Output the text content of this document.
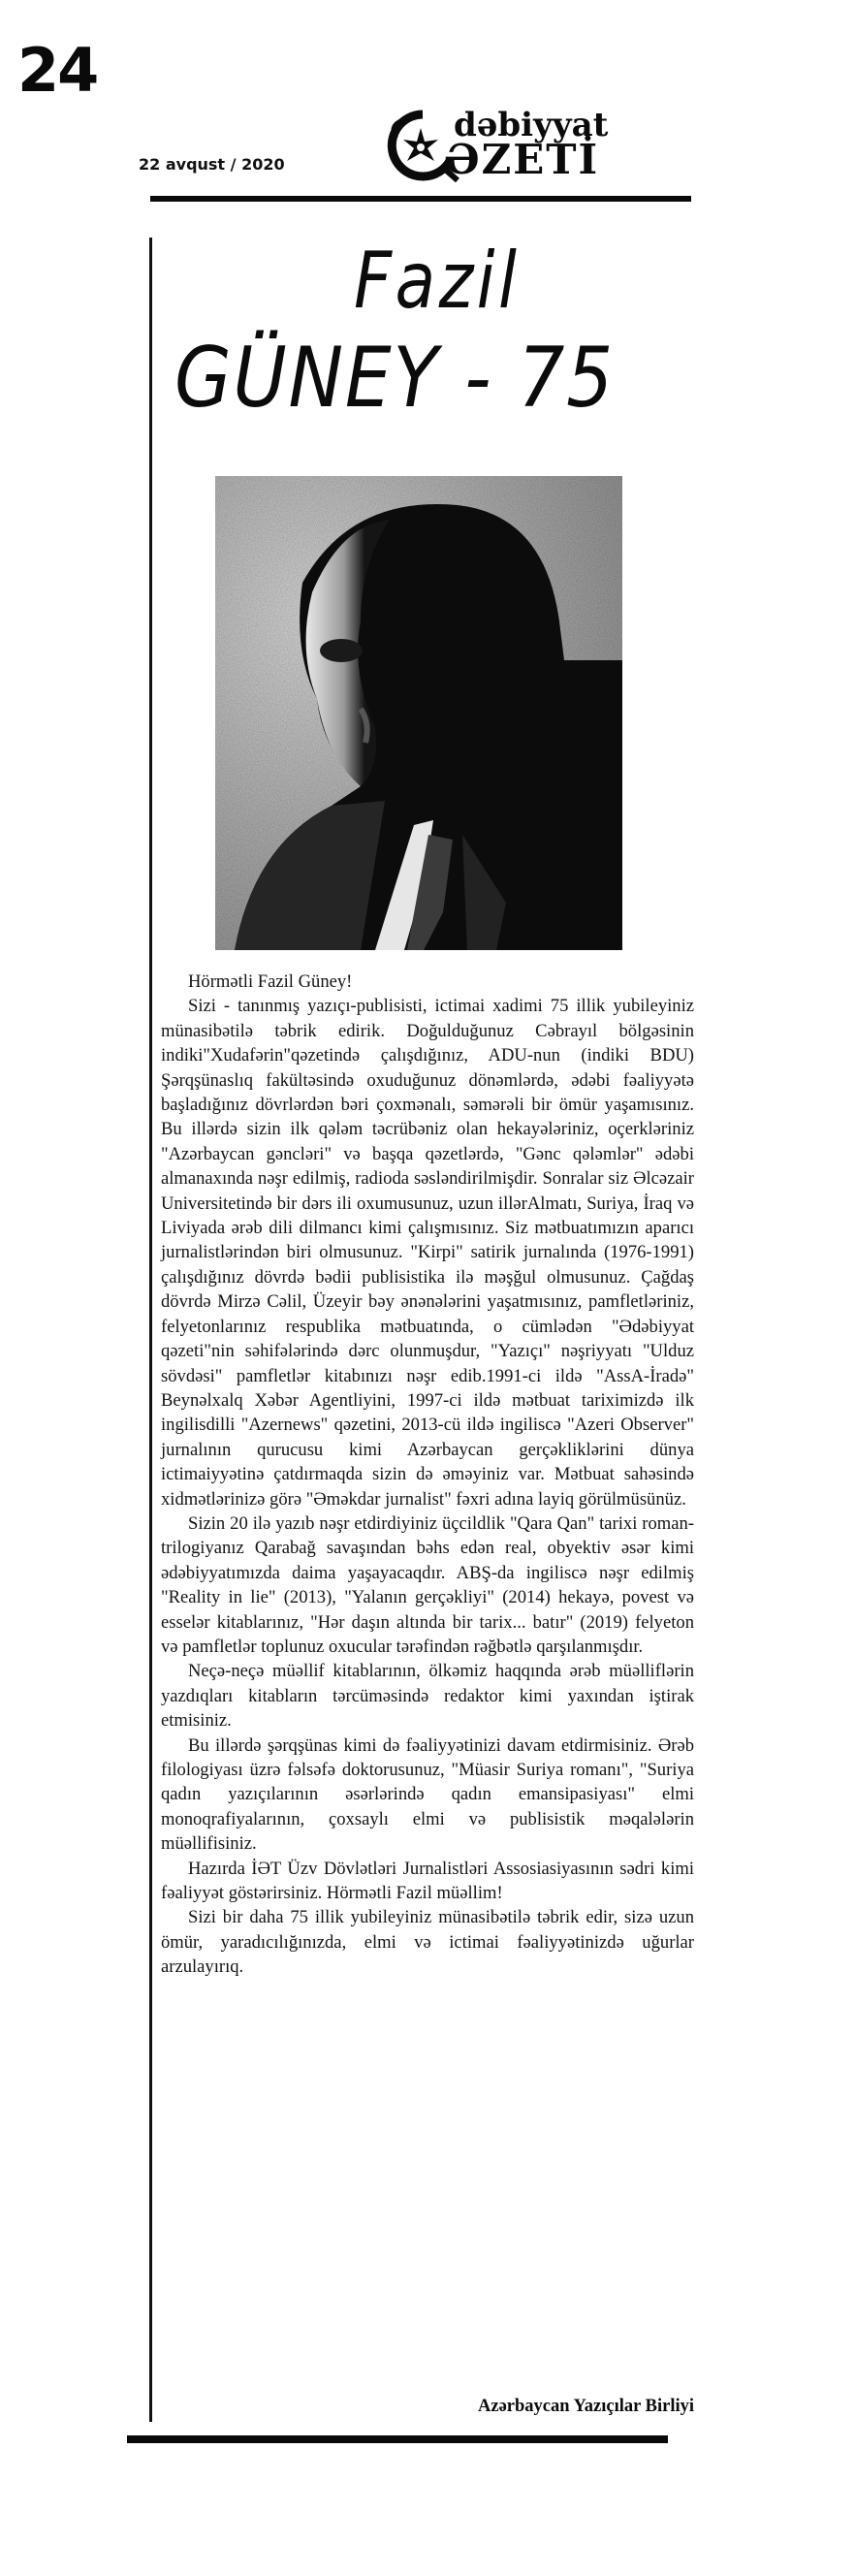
24
22 avqust / 2020
dəbiyyat
ƏZETİ
Fazil
GÜNEY - 75

Hörmətli Fazil Güney!

Sizi - tanınmış yazıçı-publisisti, ictimai xadimi 75 illik yubileyiniz münasibətilə təbrik edirik. Doğulduğunuz Cəbrayıl bölgəsinin indiki"Xudafərin"qəzetində çalışdığınız, ADU-nun (indiki BDU) Şərqşünaslıq fakültəsində oxuduğunuz dönəmlərdə, ədəbi fəaliyyətə başladığınız dövrlərdən bəri çoxmənalı, səmərəli bir ömür yaşamısınız. Bu illərdə sizin ilk qələm təcrübəniz olan hekayələriniz, oçerkləriniz "Azərbaycan gəncləri" və başqa qəzetlərdə, "Gənc qələmlər" ədəbi almanaxında nəşr edilmiş, radioda səsləndirilmişdir. Sonralar siz Əlcəzair Universitetində bir dərs ili oxumusunuz, uzun illərAlmatı, Suriya, İraq və Liviyada ərəb dili dilmancı kimi çalışmısınız. Siz mətbuatımızın aparıcı jurnalistlərindən biri olmusunuz. "Kirpi" satirik jurnalında (1976-1991) çalışdığınız dövrdə bədii publisistika ilə məşğul olmusunuz. Çağdaş dövrdə Mirzə Cəlil, Üzeyir bəy ənənələrini yaşatmısınız, pamfletləriniz, felyetonlarınız respublika mətbuatında, o cümlədən "Ədəbiyyat qəzeti"nin səhifələrində dərc olunmuşdur, "Yazıçı" nəşriyyatı "Ulduz sövdəsi" pamfletlər kitabınızı nəşr edib.1991-ci ildə "AssA-İradə" Beynəlxalq Xəbər Agentliyini, 1997-ci ildə mətbuat tariximizdə ilk ingilisdilli "Azernews" qəzetini, 2013-cü ildə ingiliscə "Azeri Observer" jurnalının qurucusu kimi Azərbaycan gerçəkliklərini dünya ictimaiyyətinə çatdırmaqda sizin də əməyiniz var. Mətbuat sahəsində xidmətlərinizə görə "Əməkdar jurnalist" fəxri adına layiq görülmüsünüz.

Sizin 20 ilə yazıb nəşr etdirdiyiniz üçcildlik "Qara Qan" tarixi roman-trilogiyanız Qarabağ savaşından bəhs edən real, obyektiv əsər kimi ədəbiyyatımızda daima yaşayacaqdır. ABŞ-da ingiliscə nəşr edilmiş "Reality in lie" (2013), "Yalanın gerçəkliyi" (2014) hekayə, povest və esselər kitablarınız, "Hər daşın altında bir tarix... batır" (2019) felyeton və pamfletlər toplunuz oxucular tərəfindən rəğbətlə qarşılanmışdır.

Neçə-neçə müəllif kitablarının, ölkəmiz haqqında ərəb müəlliflərin yazdıqları kitabların tərcüməsində redaktor kimi yaxından iştirak etmisiniz.

Bu illərdə şərqşünas kimi də fəaliyyətinizi davam etdirmisiniz. Ərəb filologiyası üzrə fəlsəfə doktorusunuz, "Müasir Suriya romanı", "Suriya qadın yazıçılarının əsərlərində qadın emansipasiyası" elmi monoqrafiyalarının, çoxsaylı elmi və publisistik məqalələrin müəllifisiniz.

Hazırda İƏT Üzv Dövlətləri Jurnalistləri Assosiasiyasının sədri kimi fəaliyyət göstərirsiniz. Hörmətli Fazil müəllim!

Sizi bir daha 75 illik yubileyiniz münasibətilə təbrik edir, sizə uzun ömür, yaradıcılığınızda, elmi və ictimai fəaliyyətinizdə uğurlar arzulayırıq.

Azərbaycan Yazıçılar Birliyi
